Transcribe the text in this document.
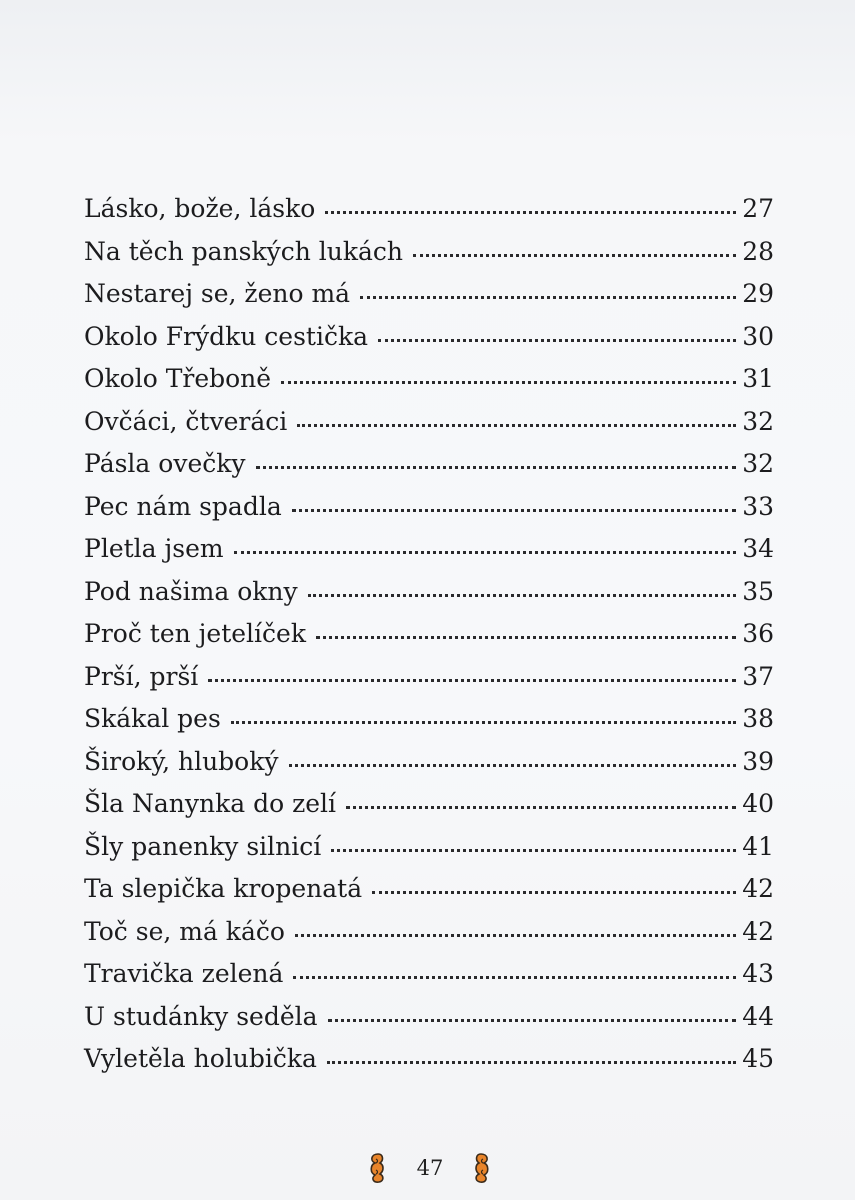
Lásko, bože, lásko	27
Na těch panských lukách	28
Nestarej se, ženo má	29
Okolo Frýdku cestička	30
Okolo Třeboně	31
Ovčáci, čtveráci	32
Pásla ovečky	32
Pec nám spadla	33
Pletla jsem	34
Pod našima okny	35
Proč ten jetelíček	36
Prší, prší	37
Skákal pes	38
Široký, hluboký	39
Šla Nanynka do zelí	40
Šly panenky silnicí	41
Ta slepička kropenatá	42
Toč se, má káčo	42
Travička zelená	43
U studánky seděla	44
Vyletěla holubička	45
47
